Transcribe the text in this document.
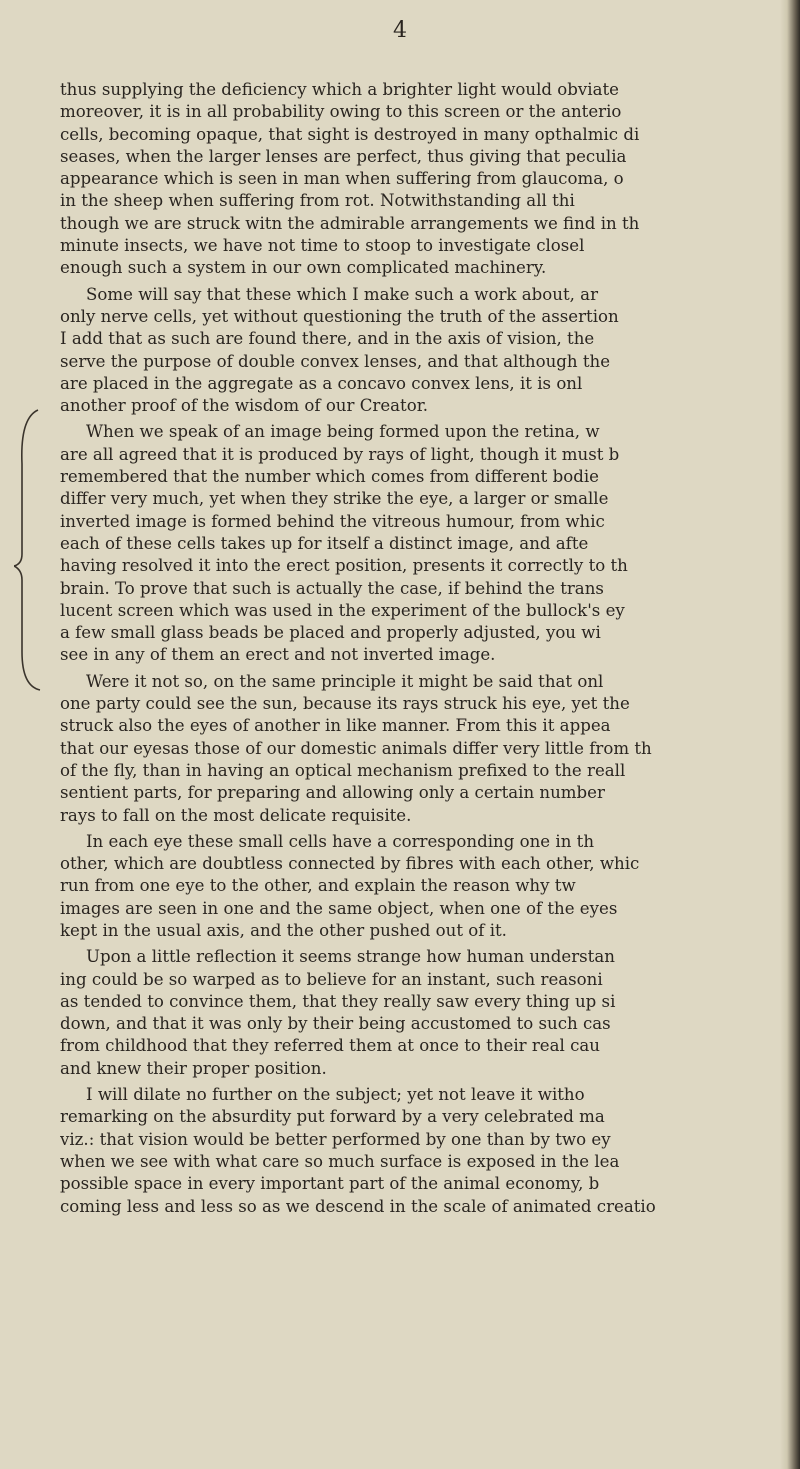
4
thus supplying the deficiency which a brighter light would obviate
moreover, it is in all probability owing to this screen or the anterio
cells, becoming opaque, that sight is destroyed in many opthalmic di
seases, when the larger lenses are perfect, thus giving that peculia
appearance which is seen in man when suffering from glaucoma, o
in the sheep when suffering from rot. Notwithstanding all thi
though we are struck witn the admirable arrangements we find in th
minute insects, we have not time to stoop to investigate closel
enough such a system in our own complicated machinery.
Some will say that these which I make such a work about, ar
only nerve cells, yet without questioning the truth of the assertion
I add that as such are found there, and in the axis of vision, the
serve the purpose of double convex lenses, and that although the
are placed in the aggregate as a concavo convex lens, it is onl
another proof of the wisdom of our Creator.
When we speak of an image being formed upon the retina, w
are all agreed that it is produced by rays of light, though it must b
remembered that the number which comes from different bodie
differ very much, yet when they strike the eye, a larger or smalle
inverted image is formed behind the vitreous humour, from whic
each of these cells takes up for itself a distinct image, and afte
having resolved it into the erect position, presents it correctly to th
brain. To prove that such is actually the case, if behind the trans
lucent screen which was used in the experiment of the bullock's ey
a few small glass beads be placed and properly adjusted, you wi
see in any of them an erect and not inverted image.
Were it not so, on the same principle it might be said that onl
one party could see the sun, because its rays struck his eye, yet the
struck also the eyes of another in like manner. From this it appea
that our eyesas those of our domestic animals differ very little from th
of the fly, than in having an optical mechanism prefixed to the reall
sentient parts, for preparing and allowing only a certain number
rays to fall on the most delicate requisite.
In each eye these small cells have a corresponding one in th
other, which are doubtless connected by fibres with each other, whic
run from one eye to the other, and explain the reason why tw
images are seen in one and the same object, when one of the eyes
kept in the usual axis, and the other pushed out of it.
Upon a little reflection it seems strange how human understan
ing could be so warped as to believe for an instant, such reasoni
as tended to convince them, that they really saw every thing up si
down, and that it was only by their being accustomed to such cas
from childhood that they referred them at once to their real cau
and knew their proper position.
I will dilate no further on the subject; yet not leave it witho
remarking on the absurdity put forward by a very celebrated ma
viz.: that vision would be better performed by one than by two ey
when we see with what care so much surface is exposed in the lea
possible space in every important part of the animal economy, b
coming less and less so as we descend in the scale of animated creatio
